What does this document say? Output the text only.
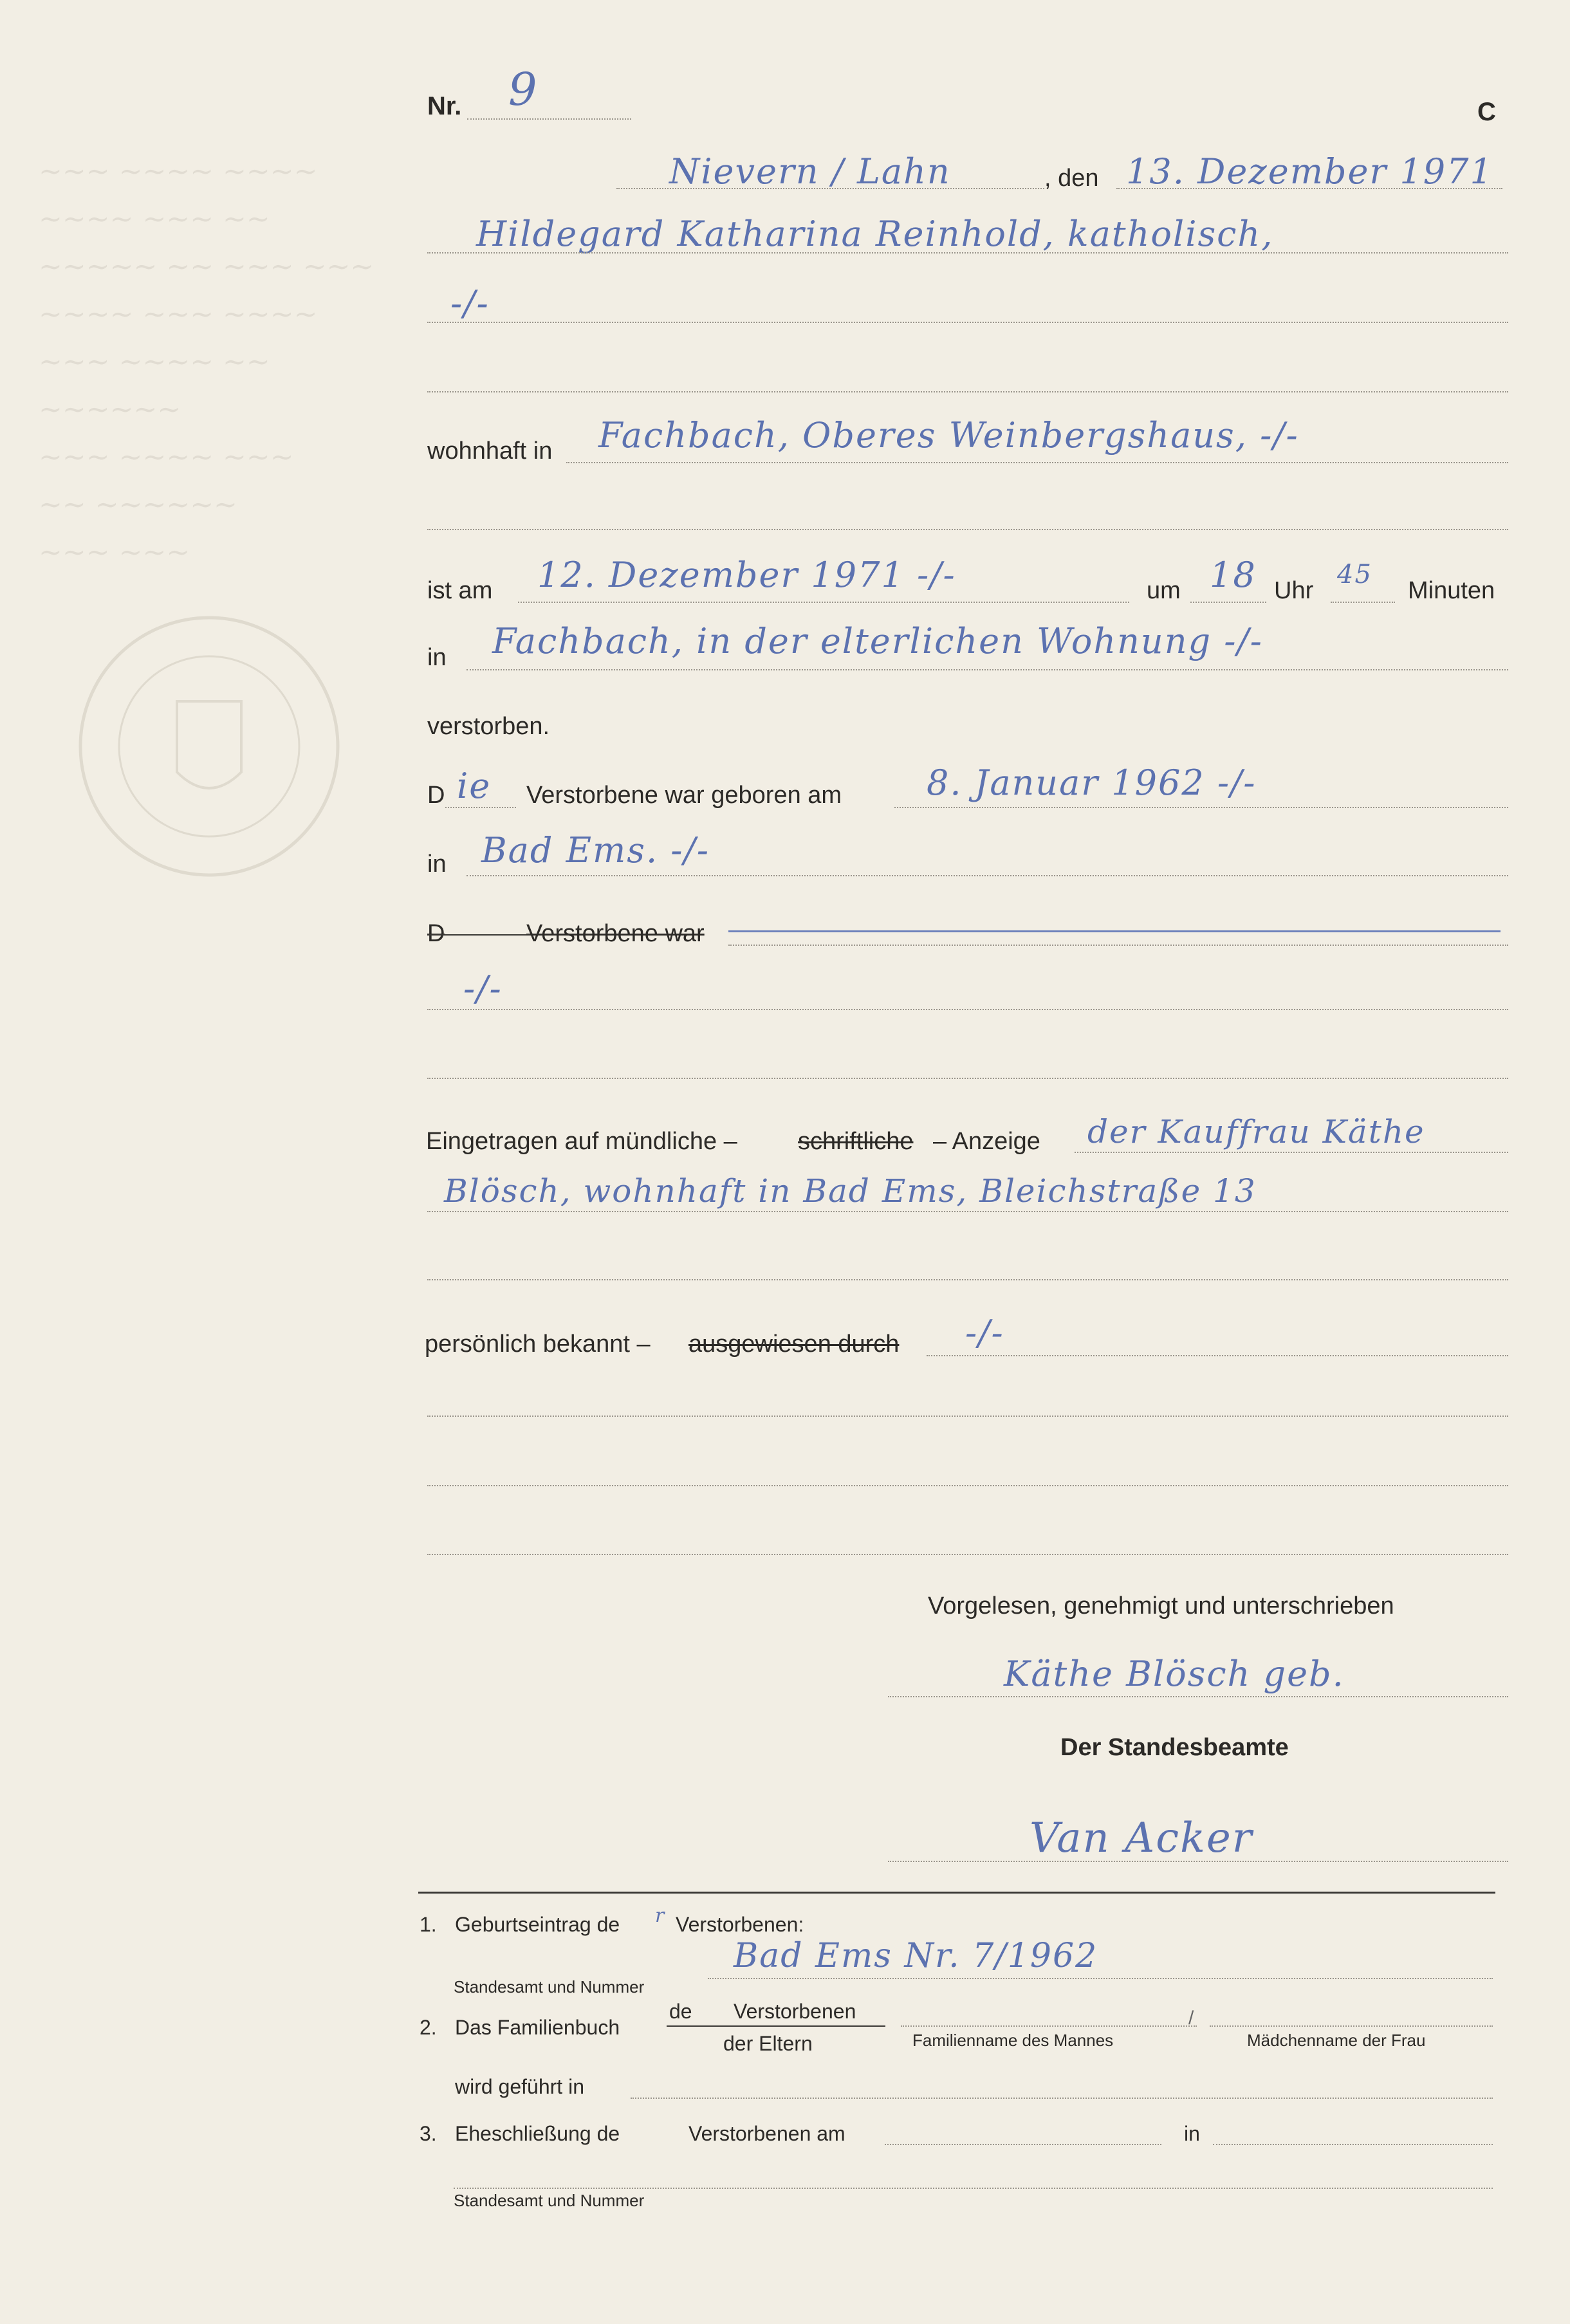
~~~ ~~~~ ~~~~
~~~~ ~~~ ~~
~~~~~ ~~ ~~~ ~~~
~~~~ ~~~ ~~~~
~~~ ~~~~ ~~
~~~~~~
~~~ ~~~~ ~~~
~~ ~~~~~~
~~~ ~~~
Nr. 9	C
Nievern / Lahn	, den 13. Dezember 1971
Hildegard Katharina Reinhold, katholisch,
-/-
wohnhaft in Fachbach, Oberes Weinbergshaus, -/-
ist am 12. Dezember 1971 -/-	um 18 Uhr
45
Minuten
in Fachbach, in der elterlichen Wohnung -/-
verstorben.
D ie Verstorbene war geboren am 8. Januar 1962 -/-
in Bad Ems. -/-
D	Verstorbene war
-/-
Eingetragen auf mündliche – schriftliche – Anzeige der Kauffrau Käthe
Blösch, wohnhaft in Bad Ems, Bleichstraße 13
persönlich bekannt – ausgewiesen durch -/-
Vorgelesen, genehmigt und unterschrieben
Käthe Blösch geb.
Der Standesbeamte
Van Acker
1. Geburtseintrag de r Verstorbenen:
Bad Ems Nr. 7/1962
Standesamt und Nummer
2. Das Familienbuch
de Verstorbenen
der Eltern
/
Familienname des Mannes	Mädchenname der Frau
wird geführt in
3. Eheschließung de	Verstorbenen am	in
Standesamt und Nummer
